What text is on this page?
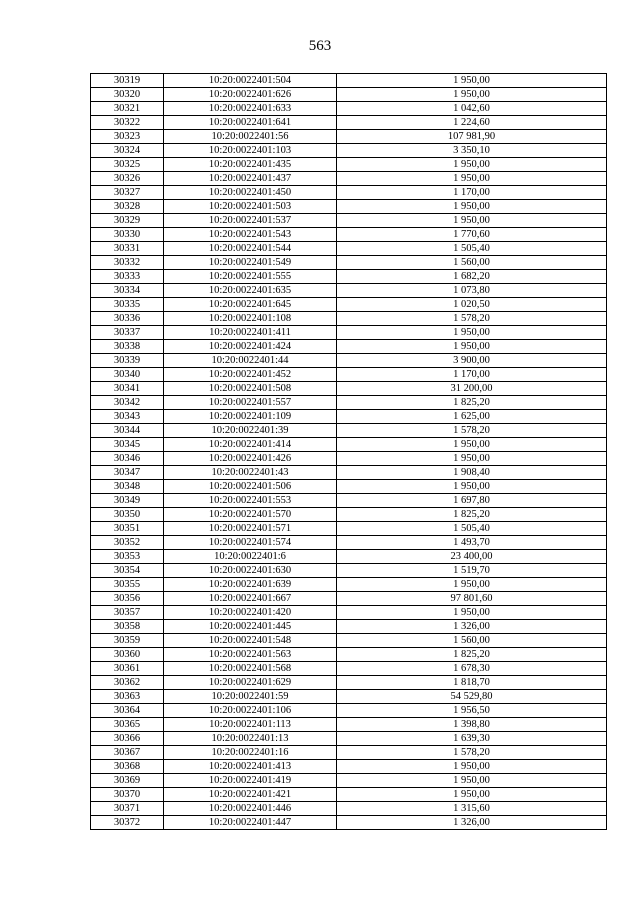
563
30319	10:20:0022401:504	1 950,00
30320	10:20:0022401:626	1 950,00
30321	10:20:0022401:633	1 042,60
30322	10:20:0022401:641	1 224,60
30323	10:20:0022401:56	107 981,90
30324	10:20:0022401:103	3 350,10
30325	10:20:0022401:435	1 950,00
30326	10:20:0022401:437	1 950,00
30327	10:20:0022401:450	1 170,00
30328	10:20:0022401:503	1 950,00
30329	10:20:0022401:537	1 950,00
30330	10:20:0022401:543	1 770,60
30331	10:20:0022401:544	1 505,40
30332	10:20:0022401:549	1 560,00
30333	10:20:0022401:555	1 682,20
30334	10:20:0022401:635	1 073,80
30335	10:20:0022401:645	1 020,50
30336	10:20:0022401:108	1 578,20
30337	10:20:0022401:411	1 950,00
30338	10:20:0022401:424	1 950,00
30339	10:20:0022401:44	3 900,00
30340	10:20:0022401:452	1 170,00
30341	10:20:0022401:508	31 200,00
30342	10:20:0022401:557	1 825,20
30343	10:20:0022401:109	1 625,00
30344	10:20:0022401:39	1 578,20
30345	10:20:0022401:414	1 950,00
30346	10:20:0022401:426	1 950,00
30347	10:20:0022401:43	1 908,40
30348	10:20:0022401:506	1 950,00
30349	10:20:0022401:553	1 697,80
30350	10:20:0022401:570	1 825,20
30351	10:20:0022401:571	1 505,40
30352	10:20:0022401:574	1 493,70
30353	10:20:0022401:6	23 400,00
30354	10:20:0022401:630	1 519,70
30355	10:20:0022401:639	1 950,00
30356	10:20:0022401:667	97 801,60
30357	10:20:0022401:420	1 950,00
30358	10:20:0022401:445	1 326,00
30359	10:20:0022401:548	1 560,00
30360	10:20:0022401:563	1 825,20
30361	10:20:0022401:568	1 678,30
30362	10:20:0022401:629	1 818,70
30363	10:20:0022401:59	54 529,80
30364	10:20:0022401:106	1 956,50
30365	10:20:0022401:113	1 398,80
30366	10:20:0022401:13	1 639,30
30367	10:20:0022401:16	1 578,20
30368	10:20:0022401:413	1 950,00
30369	10:20:0022401:419	1 950,00
30370	10:20:0022401:421	1 950,00
30371	10:20:0022401:446	1 315,60
30372	10:20:0022401:447	1 326,00
